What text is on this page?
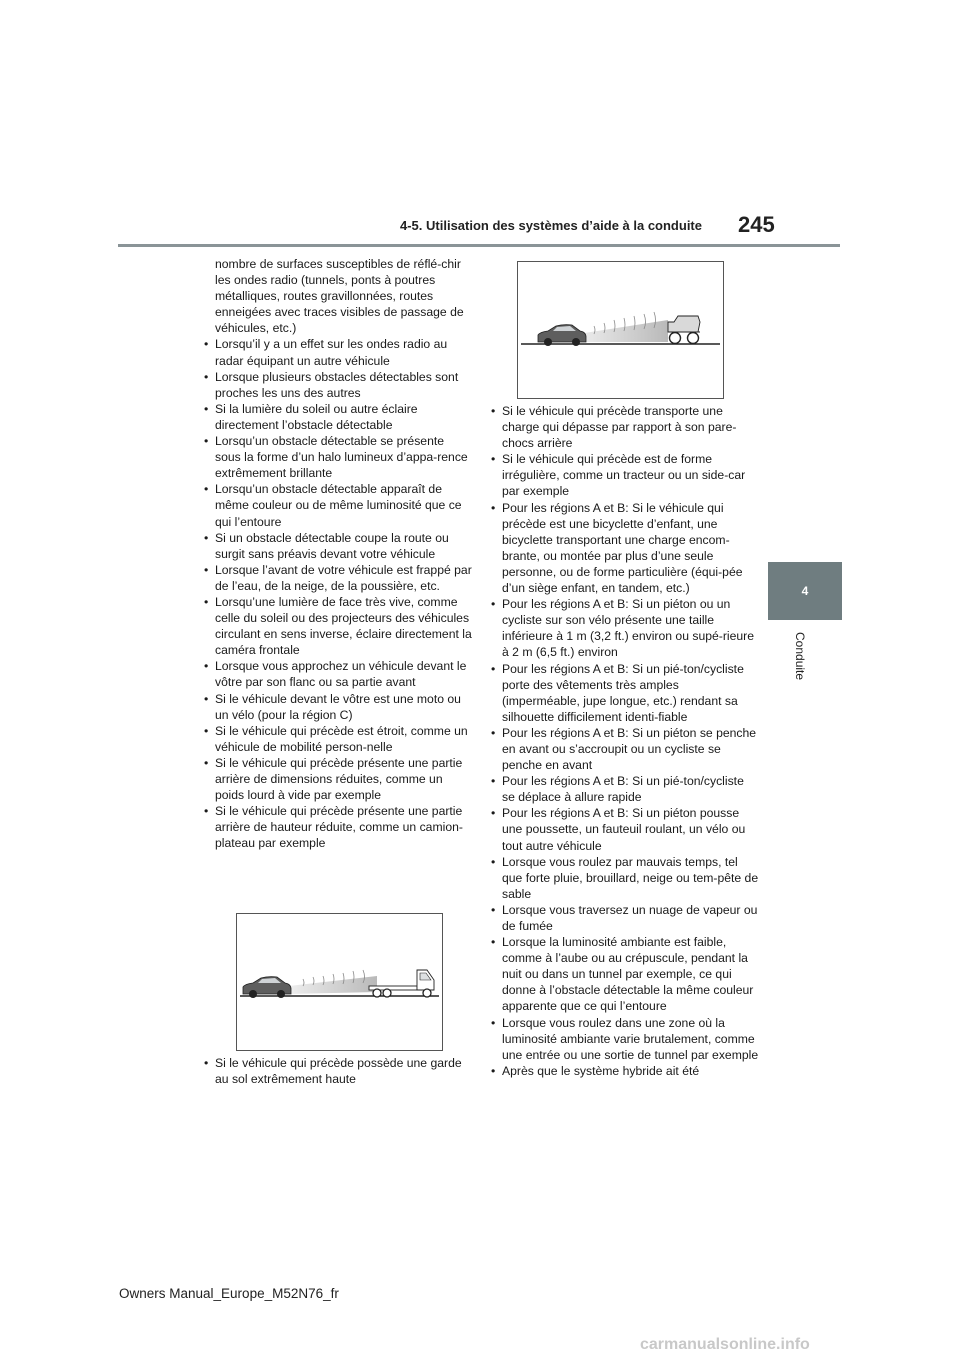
4-5. Utilisation des systèmes d’aide à la conduite 245
4
Conduite

nombre de surfaces susceptibles de réflé-chir les ondes radio (tunnels, ponts à poutres métalliques, routes gravillonnées, routes enneigées avec traces visibles de passage de véhicules, etc.)

• Lorsqu’il y a un effet sur les ondes radio au radar équipant un autre véhicule

• Lorsque plusieurs obstacles détectables sont proches les uns des autres

• Si la lumière du soleil ou autre éclaire directement l’obstacle détectable

• Lorsqu’un obstacle détectable se présente sous la forme d’un halo lumineux d’appa-rence extrêmement brillante

• Lorsqu’un obstacle détectable apparaît de même couleur ou de même luminosité que ce qui l’entoure

• Si un obstacle détectable coupe la route ou surgit sans préavis devant votre véhicule

• Lorsque l’avant de votre véhicule est frappé par de l’eau, de la neige, de la poussière, etc.

• Lorsqu’une lumière de face très vive, comme celle du soleil ou des projecteurs des véhicules circulant en sens inverse, éclaire directement la caméra frontale

• Lorsque vous approchez un véhicule devant le vôtre par son flanc ou sa partie avant

• Si le véhicule devant le vôtre est une moto ou un vélo (pour la région C)

• Si le véhicule qui précède est étroit, comme un véhicule de mobilité person-nelle

• Si le véhicule qui précède présente une partie arrière de dimensions réduites, comme un poids lourd à vide par exemple

• Si le véhicule qui précède présente une partie arrière de hauteur réduite, comme un camion-plateau par exemple

• Si le véhicule qui précède possède une garde au sol extrêmement haute

• Si le véhicule qui précède transporte une charge qui dépasse par rapport à son pare-chocs arrière

• Si le véhicule qui précède est de forme irrégulière, comme un tracteur ou un side-car par exemple

• Pour les régions A et B: Si le véhicule qui précède est une bicyclette d’enfant, une bicyclette transportant une charge encom-brante, ou montée par plus d’une seule personne, ou de forme particulière (équi-pée d’un siège enfant, en tandem, etc.)

• Pour les régions A et B: Si un piéton ou un cycliste sur son vélo présente une taille inférieure à 1 m (3,2 ft.) environ ou supé-rieure à 2 m (6,5 ft.) environ

• Pour les régions A et B: Si un pié-ton/cycliste porte des vêtements très amples (imperméable, jupe longue, etc.) rendant sa silhouette difficilement identi-fiable

• Pour les régions A et B: Si un piéton se penche en avant ou s’accroupit ou un cycliste se penche en avant

• Pour les régions A et B: Si un pié-ton/cycliste se déplace à allure rapide

• Pour les régions A et B: Si un piéton pousse une poussette, un fauteuil roulant, un vélo ou tout autre véhicule

• Lorsque vous roulez par mauvais temps, tel que forte pluie, brouillard, neige ou tem-pête de sable

• Lorsque vous traversez un nuage de vapeur ou de fumée

• Lorsque la luminosité ambiante est faible, comme à l’aube ou au crépuscule, pendant la nuit ou dans un tunnel par exemple, ce qui donne à l’obstacle détectable la même couleur apparente que ce qui l’entoure

• Lorsque vous roulez dans une zone où la luminosité ambiante varie brutalement, comme une entrée ou une sortie de tunnel par exemple

• Après que le système hybride ait été

Owners Manual_Europe_M52N76_fr
carmanualsonline.info
